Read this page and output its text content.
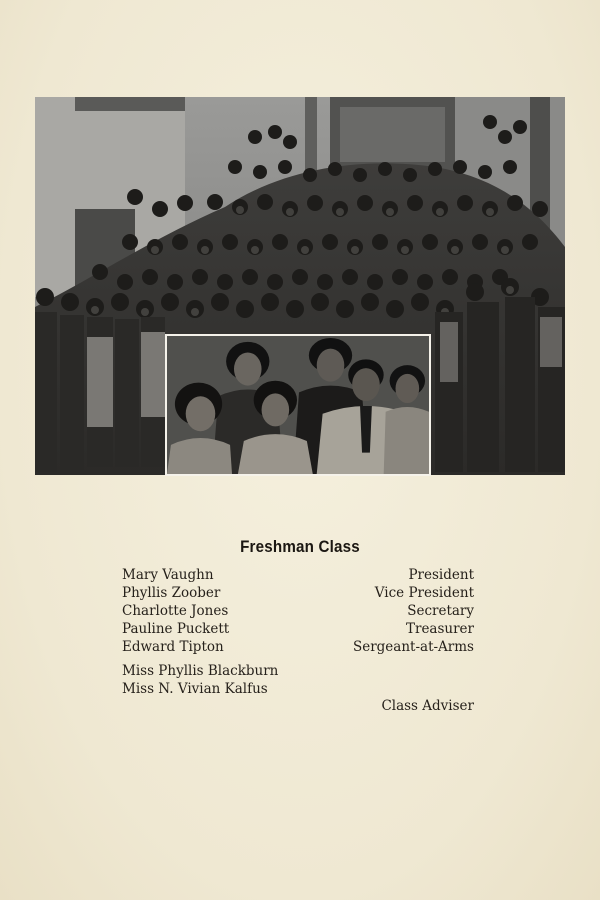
Freshman Class
Mary Vaughn	President
Phyllis Zoober	Vice President
Charlotte Jones	Secretary
Pauline Puckett	Treasurer
Edward Tipton	Sergeant-at-Arms
Miss Phyllis Blackburn
Miss N. Vivian Kalfus
Class Adviser
